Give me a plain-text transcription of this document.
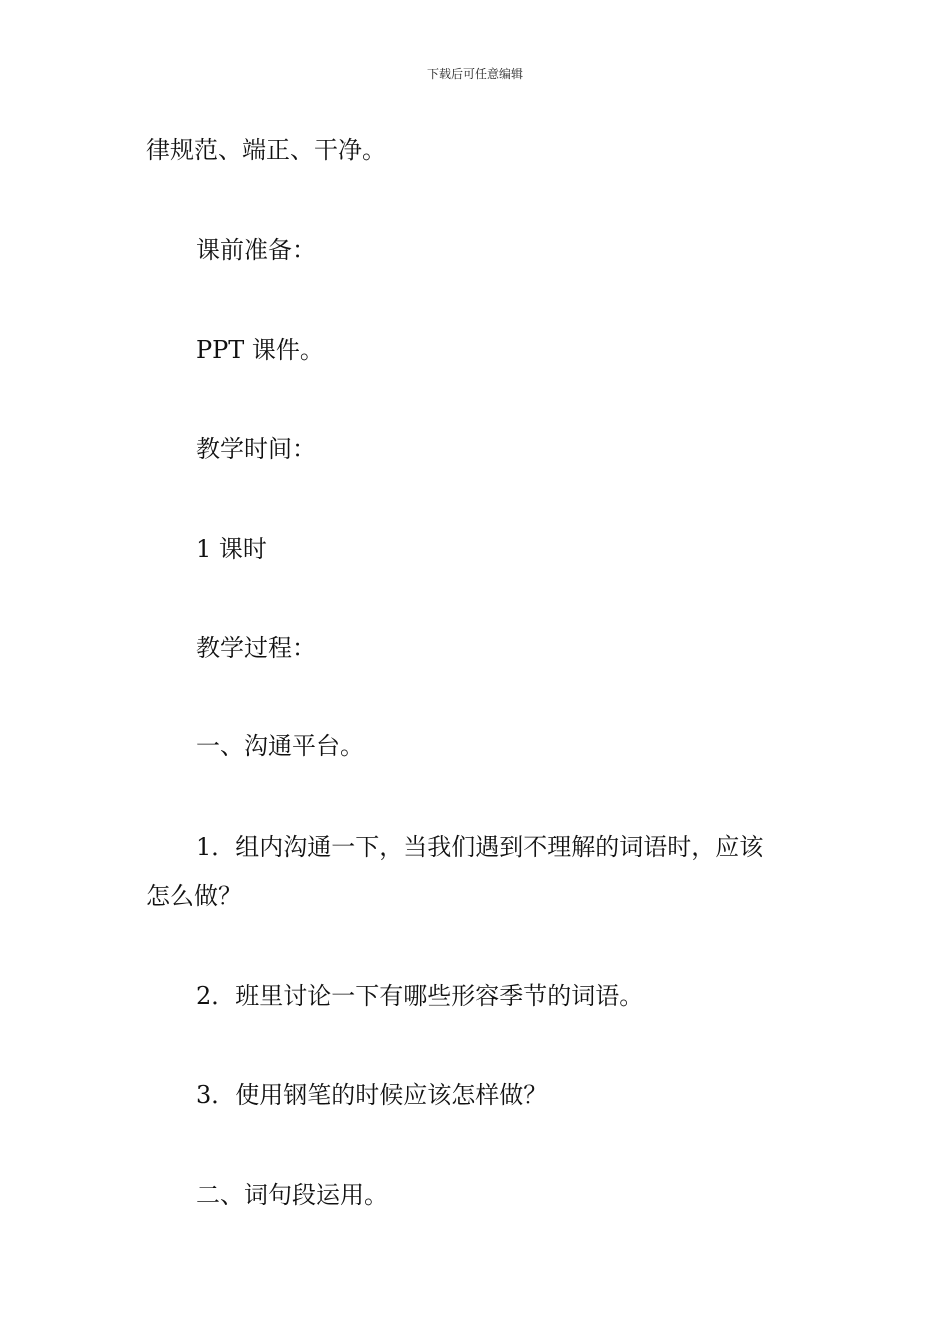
下载后可任意编辑
律规范、端正、干净。
课前准备：
PPT 课件。
教学时间：
1 课时
教学过程：
一、沟通平台。
1．组内沟通一下，当我们遇到不理解的词语时，应该
怎么做？
2．班里讨论一下有哪些形容季节的词语。
3．使用钢笔的时候应该怎样做？
二、词句段运用。
